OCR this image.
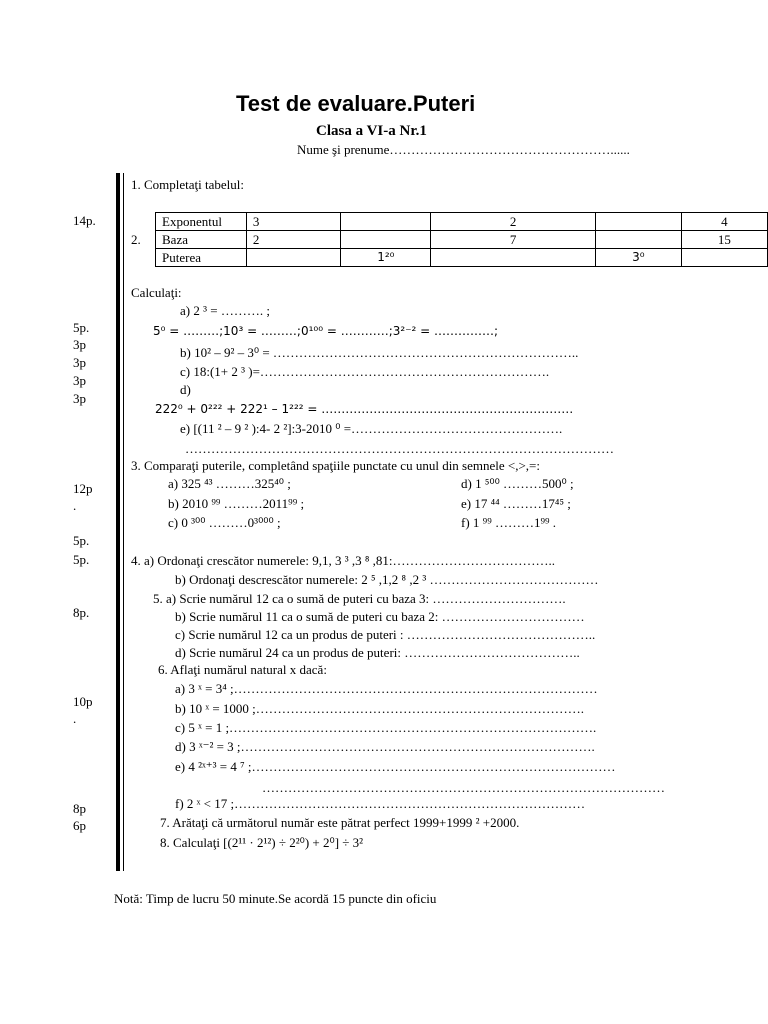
Test de evaluare.Puteri
Clasa a VI-a Nr.1
Nume şi prenume……………………………………………......
14p.
5p.
3p
3p
3p
3p
12p
.
5p.
5p.
8p.
10p
.
8p
6p
1. Completaţi tabelul:
2.
Exponentul	3		2		4
Baza	2		7		15
Puterea		1²⁰		3⁰	
Calculaţi:
a) 2 ³ = ………. ;
5⁰ = ………;10³ = ………;0¹⁰⁰ = …………;3²⁻² = ……………;
b) 10² – 9² – 3⁰ = ……………………………………………………………..
c) 18:(1+ 2 ³ )=………………………………………………………….
d)
222⁰ + 0²²² + 222¹ – 1²²² = ………………………………………………………
e) [(11 ² – 9 ² ):4- 2 ²]:3-2010 ⁰ =………………………………………….
………………………………………………………………………………………
3. Comparaţi puterile, completând spaţiile punctate cu unul din semnele <,>,=:
a) 325 ⁴³ ………325⁴⁰ ;
b) 2010 ⁹⁹ ………2011⁹⁹ ;
c) 0 ³⁰⁰ ………0³⁰⁰⁰ ;
d) 1 ⁵⁰⁰ ………500⁰ ;
e) 17 ⁴⁴ ………17⁴⁵ ;
f) 1 ⁹⁹ ………1⁹⁹ .
4. a) Ordonaţi crescător numerele: 9,1, 3 ³ ,3 ⁸ ,81:………………………………..
b) Ordonaţi descrescător numerele: 2 ⁵ ,1,2 ⁸ ,2 ³ …………………………………
5. a) Scrie numărul 12 ca o sumă de puteri cu baza 3: ………………………….
b) Scrie numărul 11 ca o sumă de puteri cu baza 2: ……………………………
c) Scrie numărul 12 ca un produs de puteri : ……………………………………..
d) Scrie numărul 24 ca un produs de puteri: …………………………………..
6. Aflaţi numărul natural x dacă:
a) 3 ˣ = 3⁴ ;…………………………………………………………………………
b) 10 ˣ = 1000 ;………………………………………………………………….
c) 5 ˣ = 1 ;………………………………………………………………………….
d) 3 ˣ⁻² = 3 ;……………………………………………………………………….
e) 4 ²ˣ⁺³ = 4 ⁷ ;…………………………………………………………………………
…………………………………………………………………………………
f) 2 ˣ < 17 ;………………………………………………………………………
7. Arătaţi că următorul număr este pătrat perfect 1999+1999 ² +2000.
8. Calculaţi [(2¹¹ · 2¹²) ÷ 2²⁰) + 2⁰] ÷ 3²
Notă: Timp de lucru 50 minute.Se acordă 15 puncte din oficiu
